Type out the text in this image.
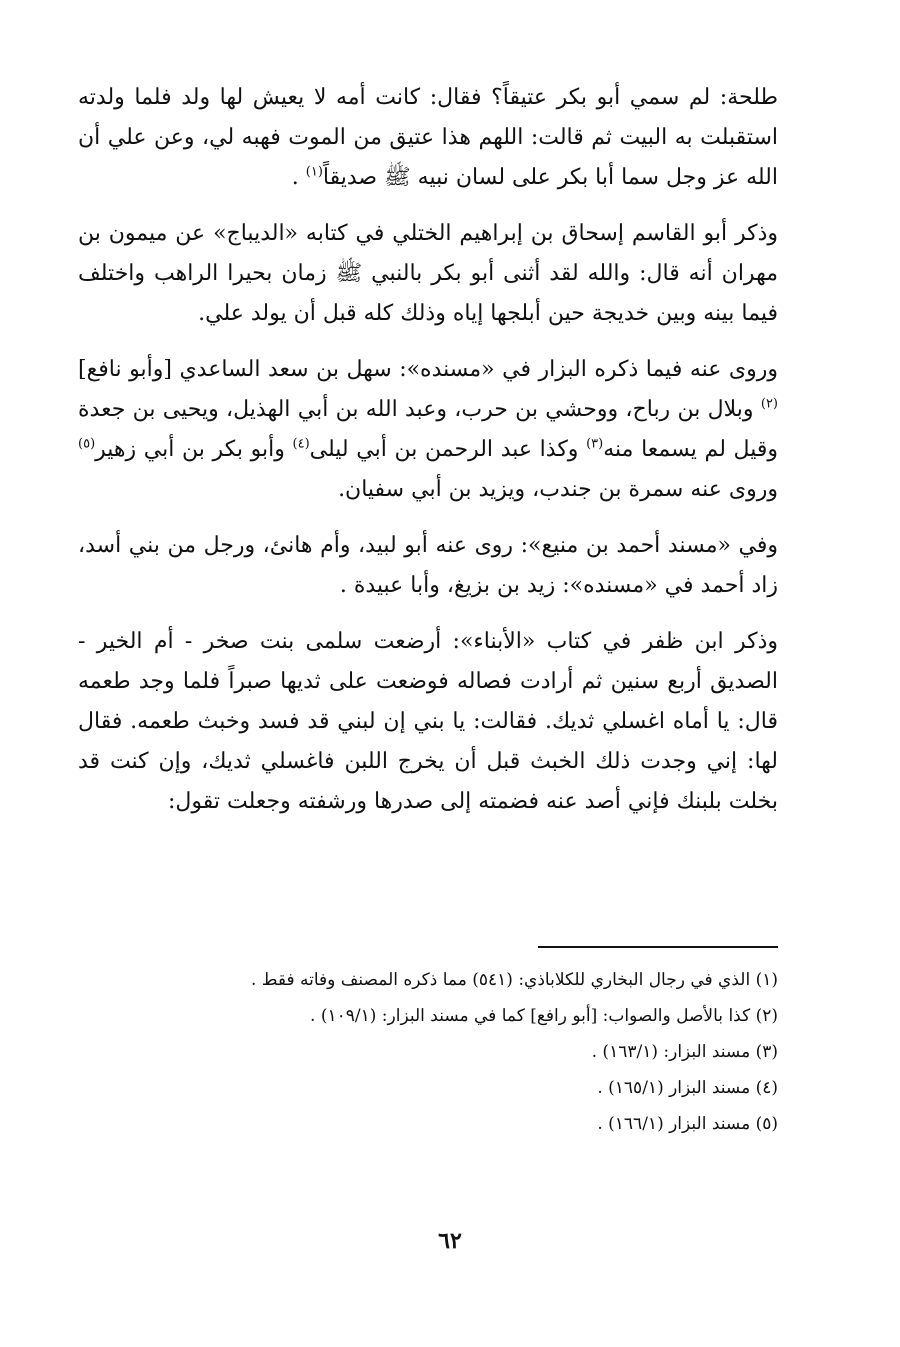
طلحة: لم سمي أبو بكر عتيقاً؟ فقال: كانت أمه لا يعيش لها ولد فلما ولدته استقبلت به البيت ثم قالت: اللهم هذا عتيق من الموت فهبه لي، وعن علي أن الله عز وجل سما أبا بكر على لسان نبيه ﷺ صديقاً$^{(١)}$ .

وذكر أبو القاسم إسحاق بن إبراهيم الختلي في كتابه «الديباج» عن ميمون بن مهران أنه قال: والله لقد أثنى أبو بكر بالنبي ﷺ زمان بحيرا الراهب واختلف فيما بينه وبين خديجة حين أبلجها إياه وذلك كله قبل أن يولد علي.

وروى عنه فيما ذكره البزار في «مسنده»: سهل بن سعد الساعدي [وأبو نافع]$^{(٢)}$ وبلال بن رباح، ووحشي بن حرب، وعبد الله بن أبي الهذيل، ويحيى بن جعدة وقيل لم يسمعا منه$^{(٣)}$ وكذا عبد الرحمن بن أبي ليلى$^{(٤)}$ وأبو بكر بن أبي زهير$^{(٥)}$ وروى عنه سمرة بن جندب، ويزيد بن أبي سفيان.

وفي «مسند أحمد بن منيع»: روى عنه أبو لبيد، وأم هانئ، ورجل من بني أسد، زاد أحمد في «مسنده»: زيد بن بزيغ، وأبا عبيدة .

وذكر ابن ظفر في كتاب «الأبناء»: أرضعت سلمى بنت صخر - أم الخير - الصديق أربع سنين ثم أرادت فصاله فوضعت على ثديها صبراً فلما وجد طعمه قال: يا أماه اغسلي ثديك. فقالت: يا بني إن لبني قد فسد وخبث طعمه. فقال لها: إني وجدت ذلك الخبث قبل أن يخرج اللبن فاغسلي ثديك، وإن كنت قد بخلت بلبنك فإني أصد عنه فضمته إلى صدرها ورشفته وجعلت تقول:

(١) الذي في رجال البخاري للكلاباذي: (٥٤١) مما ذكره المصنف وفاته فقط .

(٢) كذا بالأصل والصواب: [أبو رافع] كما في مسند البزار: (١٠٩/١) .

(٣) مسند البزار: (١٦٣/١) .

(٤) مسند البزار (١٦٥/١) .

(٥) مسند البزار (١٦٦/١) .

٦٢
